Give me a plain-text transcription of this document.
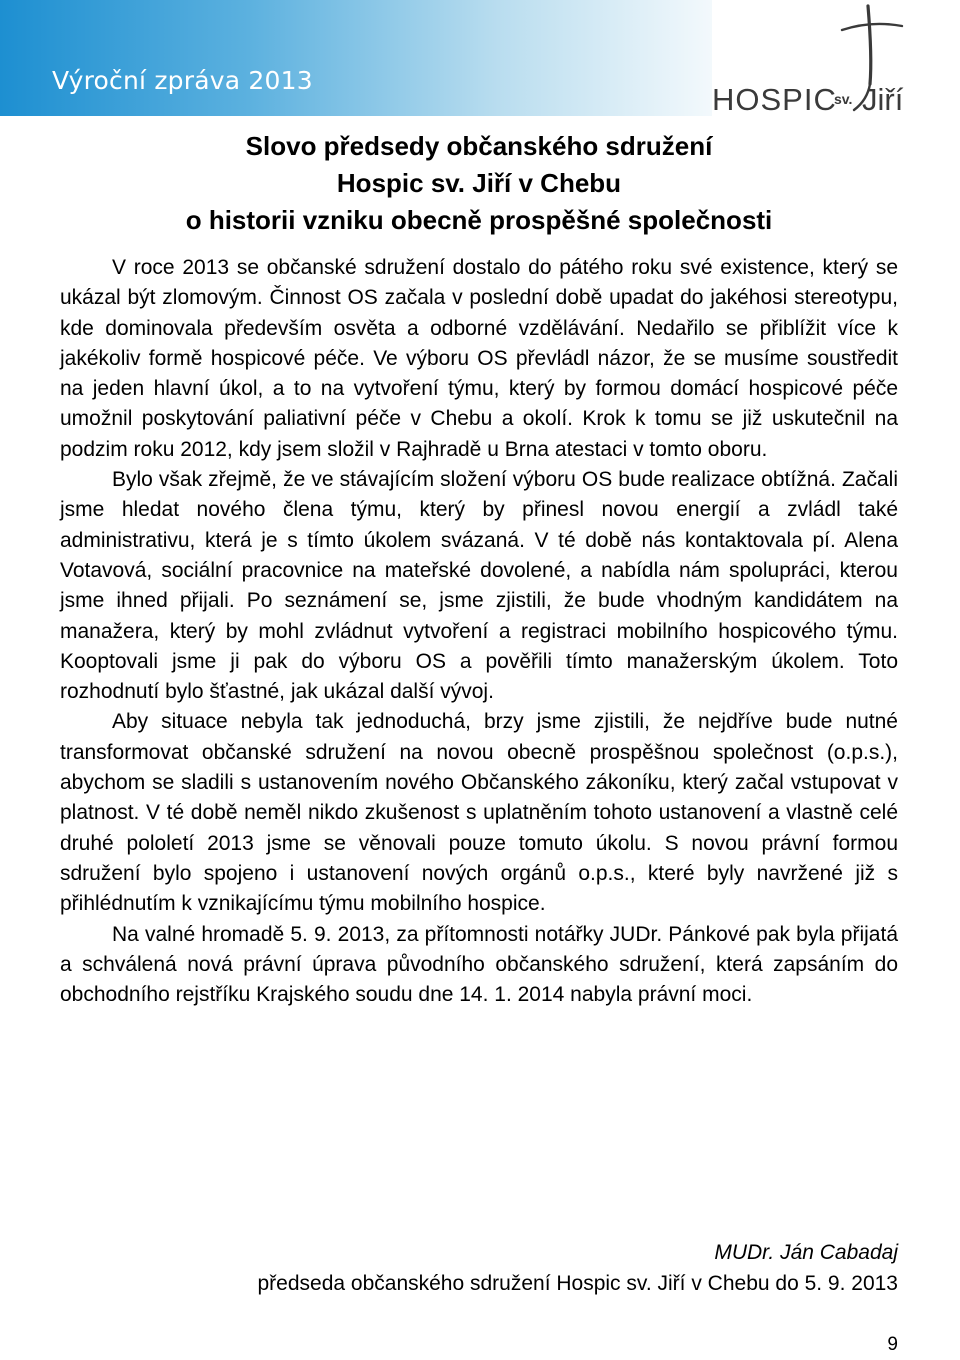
Výroční zpráva 2013
HOSPIC
sv. Jiří
Slovo předsedy občanského sdružení
Hospic sv. Jiří v Chebu
o historii vzniku obecně prospěšné společnosti

V roce 2013 se občanské sdružení dostalo do pátého roku své existence, který se ukázal být zlomovým. Činnost OS začala v poslední době upadat do jakéhosi stereotypu, kde dominovala především osvěta a odborné vzdělávání. Nedařilo se přiblížit více k jakékoliv formě hospicové péče. Ve výboru OS převládl názor, že se musíme soustředit na jeden hlavní úkol, a to na vytvoření týmu, který by formou domácí hospicové péče umožnil poskytování paliativní péče v Chebu a okolí. Krok k tomu se již uskutečnil na podzim roku 2012, kdy jsem složil v Rajhradě u Brna atestaci v tomto oboru.

Bylo však zřejmě, že ve stávajícím složení výboru OS bude realizace obtížná. Začali jsme hledat nového člena týmu, který by přinesl novou energií a zvládl také administrativu, která je s tímto úkolem svázaná. V té době nás kontaktovala pí. Alena Votavová, sociální pracovnice na mateřské dovolené, a nabídla nám spolupráci, kterou jsme ihned přijali. Po seznámení se, jsme zjistili, že bude vhodným kandidátem na manažera, který by mohl zvládnut vytvoření a registraci mobilního hospicového týmu. Kooptovali jsme ji pak do výboru OS a pověřili tímto manažerským úkolem. Toto rozhodnutí bylo šťastné, jak ukázal další vývoj.

Aby situace nebyla tak jednoduchá, brzy jsme zjistili, že nejdříve bude nutné transformovat občanské sdružení na novou obecně prospěšnou společnost (o.p.s.), abychom se sladili s ustanovením nového Občanského zákoníku, který začal vstupovat v platnost. V té době neměl nikdo zkušenost s uplatněním tohoto ustanovení a vlastně celé druhé pololetí 2013 jsme se věnovali pouze tomuto úkolu. S novou právní formou sdružení bylo spojeno i ustanovení nových orgánů o.p.s., které byly navržené již s přihlédnutím k vznikajícímu týmu mobilního hospice.

Na valné hromadě 5. 9. 2013, za přítomnosti notářky JUDr. Pánkové pak byla přijatá a schválená nová právní úprava původního občanského sdružení, která zapsáním do obchodního rejstříku Krajského soudu dne 14. 1. 2014 nabyla právní moci.

MUDr. Ján Cabadaj
předseda občanského sdružení Hospic sv. Jiří v Chebu do 5. 9. 2013
9
